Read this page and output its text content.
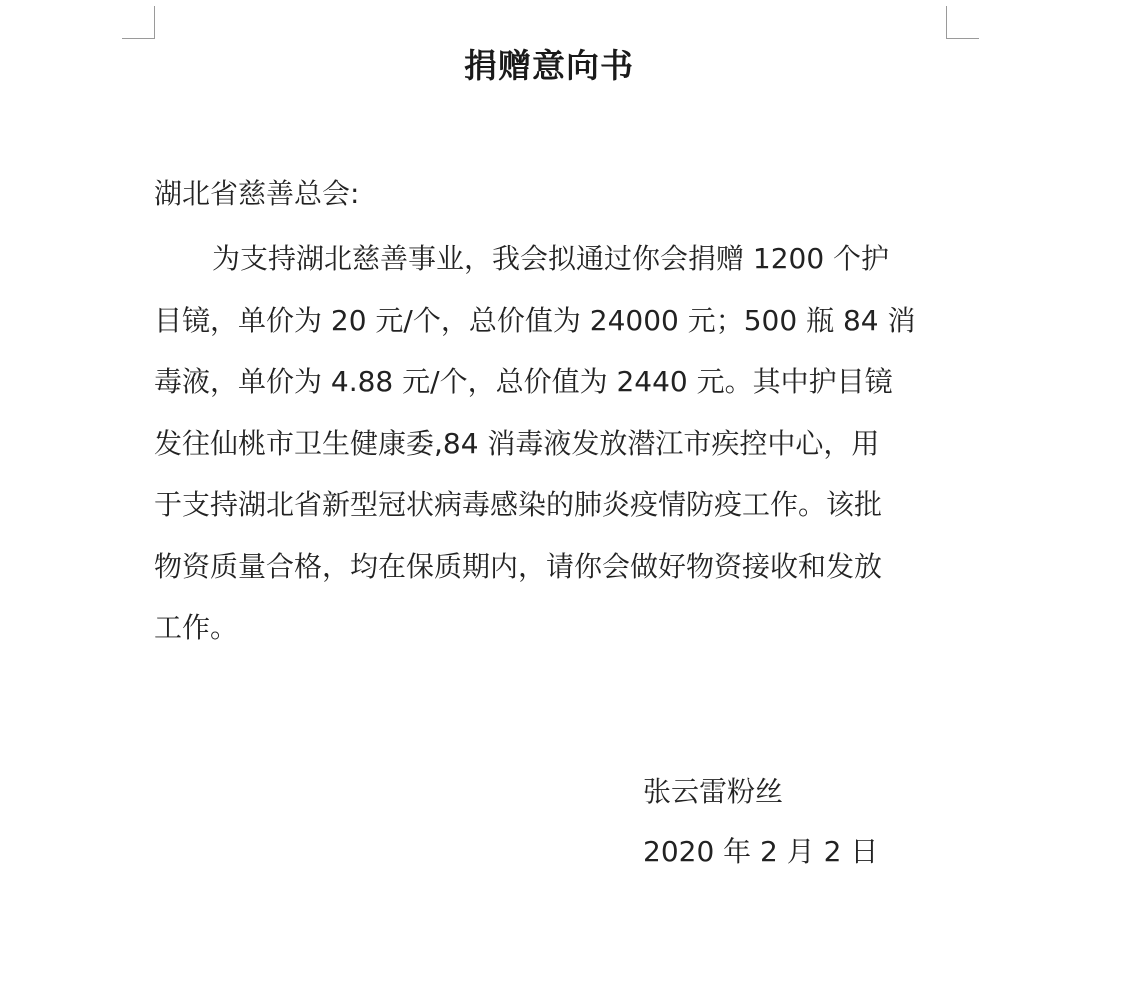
捐赠意向书

湖北省慈善总会:

为支持湖北慈善事业，我会拟通过你会捐赠 1200 个护
目镜，单价为 20 元/个，总价值为 24000 元；500 瓶 84 消
毒液，单价为 4.88 元/个，总价值为 2440 元。其中护目镜
发往仙桃市卫生健康委,84 消毒液发放潜江市疾控中心，用
于支持湖北省新型冠状病毒感染的肺炎疫情防疫工作。该批
物资质量合格，均在保质期内，请你会做好物资接收和发放
工作。

张云雷粉丝

2020 年 2 月 2 日
